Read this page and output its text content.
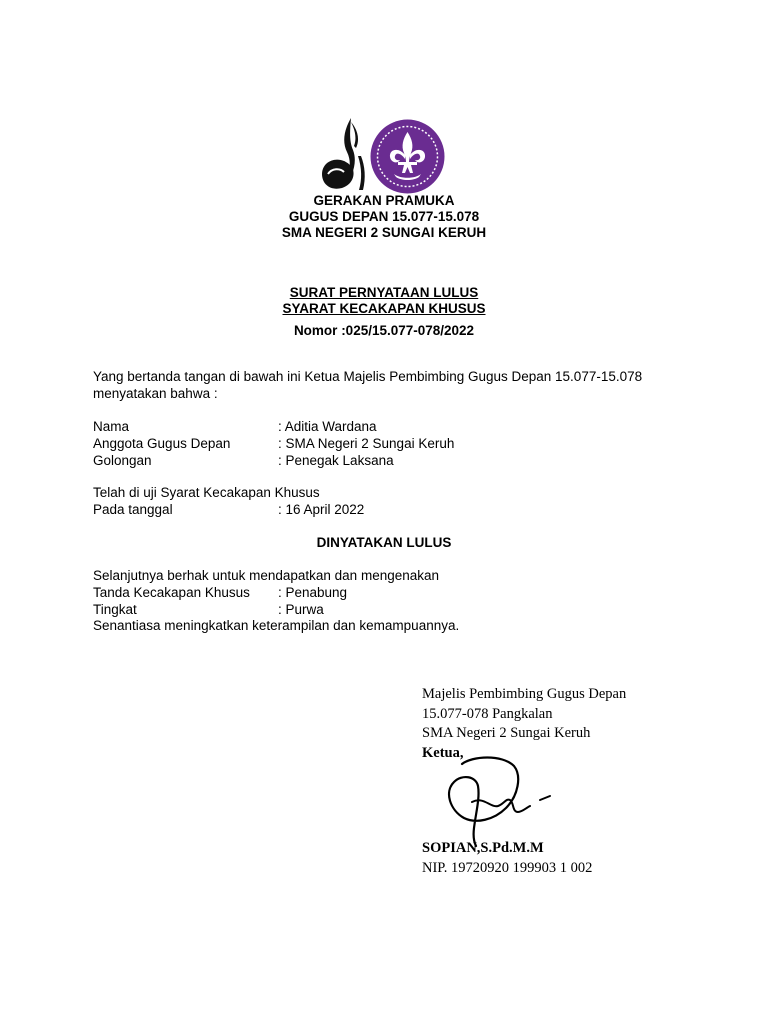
GERAKAN PRAMUKA
GUGUS DEPAN 15.077-15.078
SMA NEGERI 2 SUNGAI KERUH
SURAT PERNYATAAN LULUS
SYARAT KECAKAPAN KHUSUS
Nomor :025/15.077-078/2022
Yang bertanda tangan di bawah ini Ketua Majelis Pembimbing Gugus Depan 15.077-15.078
menyatakan bahwa :
Nama	: Aditia Wardana
Anggota Gugus Depan	: SMA Negeri 2 Sungai Keruh
Golongan	: Penegak Laksana
Telah di uji Syarat Kecakapan Khusus
Pada tanggal	: 16 April 2022
DINYATAKAN LULUS
Selanjutnya berhak untuk mendapatkan dan mengenakan
Tanda Kecakapan Khusus : Penabung
Tingkat	: Purwa
Senantiasa meningkatkan keterampilan dan kemampuannya.
Majelis Pembimbing Gugus Depan
15.077-078 Pangkalan
SMA Negeri 2 Sungai Keruh
Ketua,
SOPIAN,S.Pd.M.M
NIP. 19720920 199903 1 002
